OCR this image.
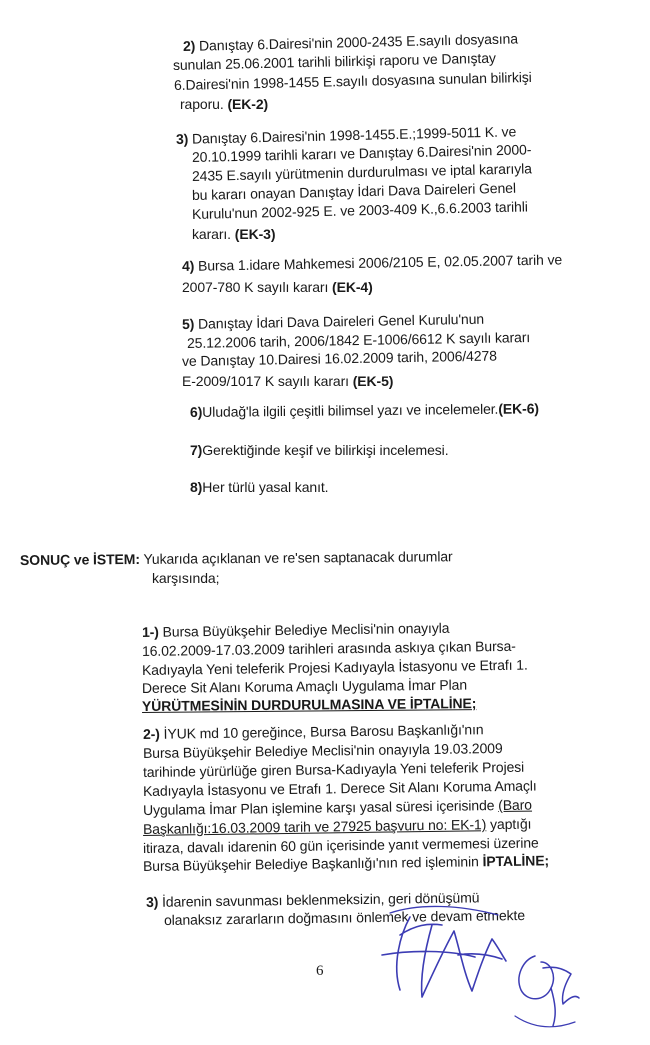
2) Danıştay 6.Dairesi'nin 2000-2435 E.sayılı dosyasına
sunulan 25.06.2001 tarihli bilirkişi raporu ve Danıştay
6.Dairesi'nin 1998-1455 E.sayılı dosyasına sunulan bilirkişi
raporu. (EK-2)
3) Danıştay 6.Dairesi'nin 1998-1455.E.;1999-5011 K. ve
20.10.1999 tarihli kararı ve Danıştay 6.Dairesi'nin 2000-
2435 E.sayılı yürütmenin durdurulması ve iptal kararıyla
bu kararı onayan Danıştay İdari Dava Daireleri Genel
Kurulu'nun 2002-925 E. ve 2003-409 K.,6.6.2003 tarihli
kararı. (EK-3)
4) Bursa 1.idare Mahkemesi 2006/2105 E, 02.05.2007 tarih ve
2007-780 K sayılı kararı (EK-4)
5) Danıştay İdari Dava Daireleri Genel Kurulu'nun
25.12.2006 tarih, 2006/1842 E-1006/6612 K sayılı kararı
ve Danıştay 10.Dairesi 16.02.2009 tarih, 2006/4278
E-2009/1017 K sayılı kararı (EK-5)
6)Uludağ'la ilgili çeşitli bilimsel yazı ve incelemeler.(EK-6)
7)Gerektiğinde keşif ve bilirkişi incelemesi.
8)Her türlü yasal kanıt.
SONUÇ ve İSTEM: Yukarıda açıklanan ve re'sen saptanacak durumlar
karşısında;
1-) Bursa Büyükşehir Belediye Meclisi'nin onayıyla
16.02.2009-17.03.2009 tarihleri arasında askıya çıkan Bursa-
Kadıyayla Yeni teleferik Projesi Kadıyayla İstasyonu ve Etrafı 1.
Derece Sit Alanı Koruma Amaçlı Uygulama İmar Plan
YÜRÜTMESİNİN DURDURULMASINA VE İPTALİNE;
2-) İYUK md 10 gereğince, Bursa Barosu Başkanlığı'nın
Bursa Büyükşehir Belediye Meclisi'nin onayıyla 19.03.2009
tarihinde yürürlüğe giren Bursa-Kadıyayla Yeni teleferik Projesi
Kadıyayla İstasyonu ve Etrafı 1. Derece Sit Alanı Koruma Amaçlı
Uygulama İmar Plan işlemine karşı yasal süresi içerisinde (Baro
Başkanlığı:16.03.2009 tarih ve 27925 başvuru no: EK-1) yaptığı
itiraza, davalı idarenin 60 gün içerisinde yanıt vermemesi üzerine
Bursa Büyükşehir Belediye Başkanlığı'nın red işleminin İPTALİNE;
3) İdarenin savunması beklenmeksizin, geri dönüşümü
olanaksız zararların doğmasını önlemek ve devam etmekte
6
